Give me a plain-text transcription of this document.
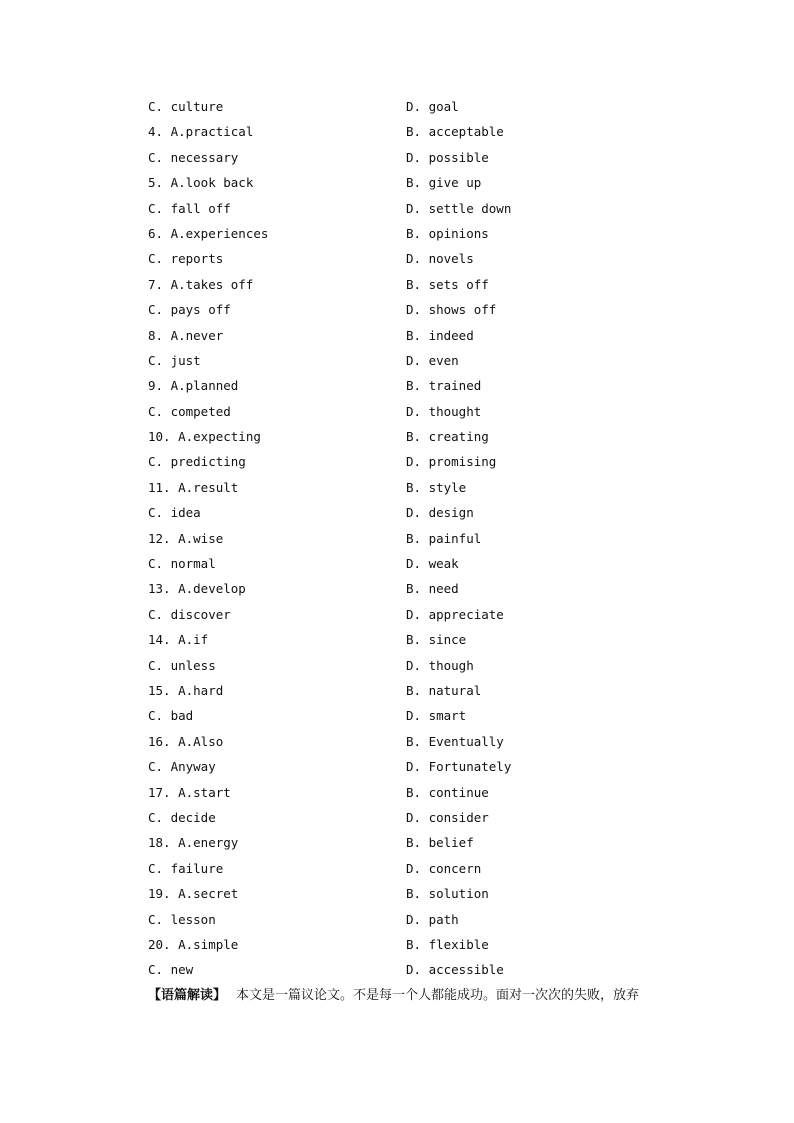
C. culture	D. goal
4. A.practical	B. acceptable
C. necessary	D. possible
5. A.look back	B. give up
C. fall off	D. settle down
6. A.experiences	B. opinions
C. reports	D. novels
7. A.takes off	B. sets off
C. pays off	D. shows off
8. A.never	B. indeed
C. just	D. even
9. A.planned	B. trained
C. competed	D. thought
10. A.expecting	B. creating
C. predicting	D. promising
11. A.result	B. style
C. idea	D. design
12. A.wise	B. painful
C. normal	D. weak
13. A.develop	B. need
C. discover	D. appreciate
14. A.if	B. since
C. unless	D. though
15. A.hard	B. natural
C. bad	D. smart
16. A.Also	B. Eventually
C. Anyway	D. Fortunately
17. A.start	B. continue
C. decide	D. consider
18. A.energy	B. belief
C. failure	D. concern
19. A.secret	B. solution
C. lesson	D. path
20. A.simple	B. flexible
C. new	D. accessible
【语篇解读】 本文是一篇议论文。不是每一个人都能成功。面对一次次的失败，放弃
